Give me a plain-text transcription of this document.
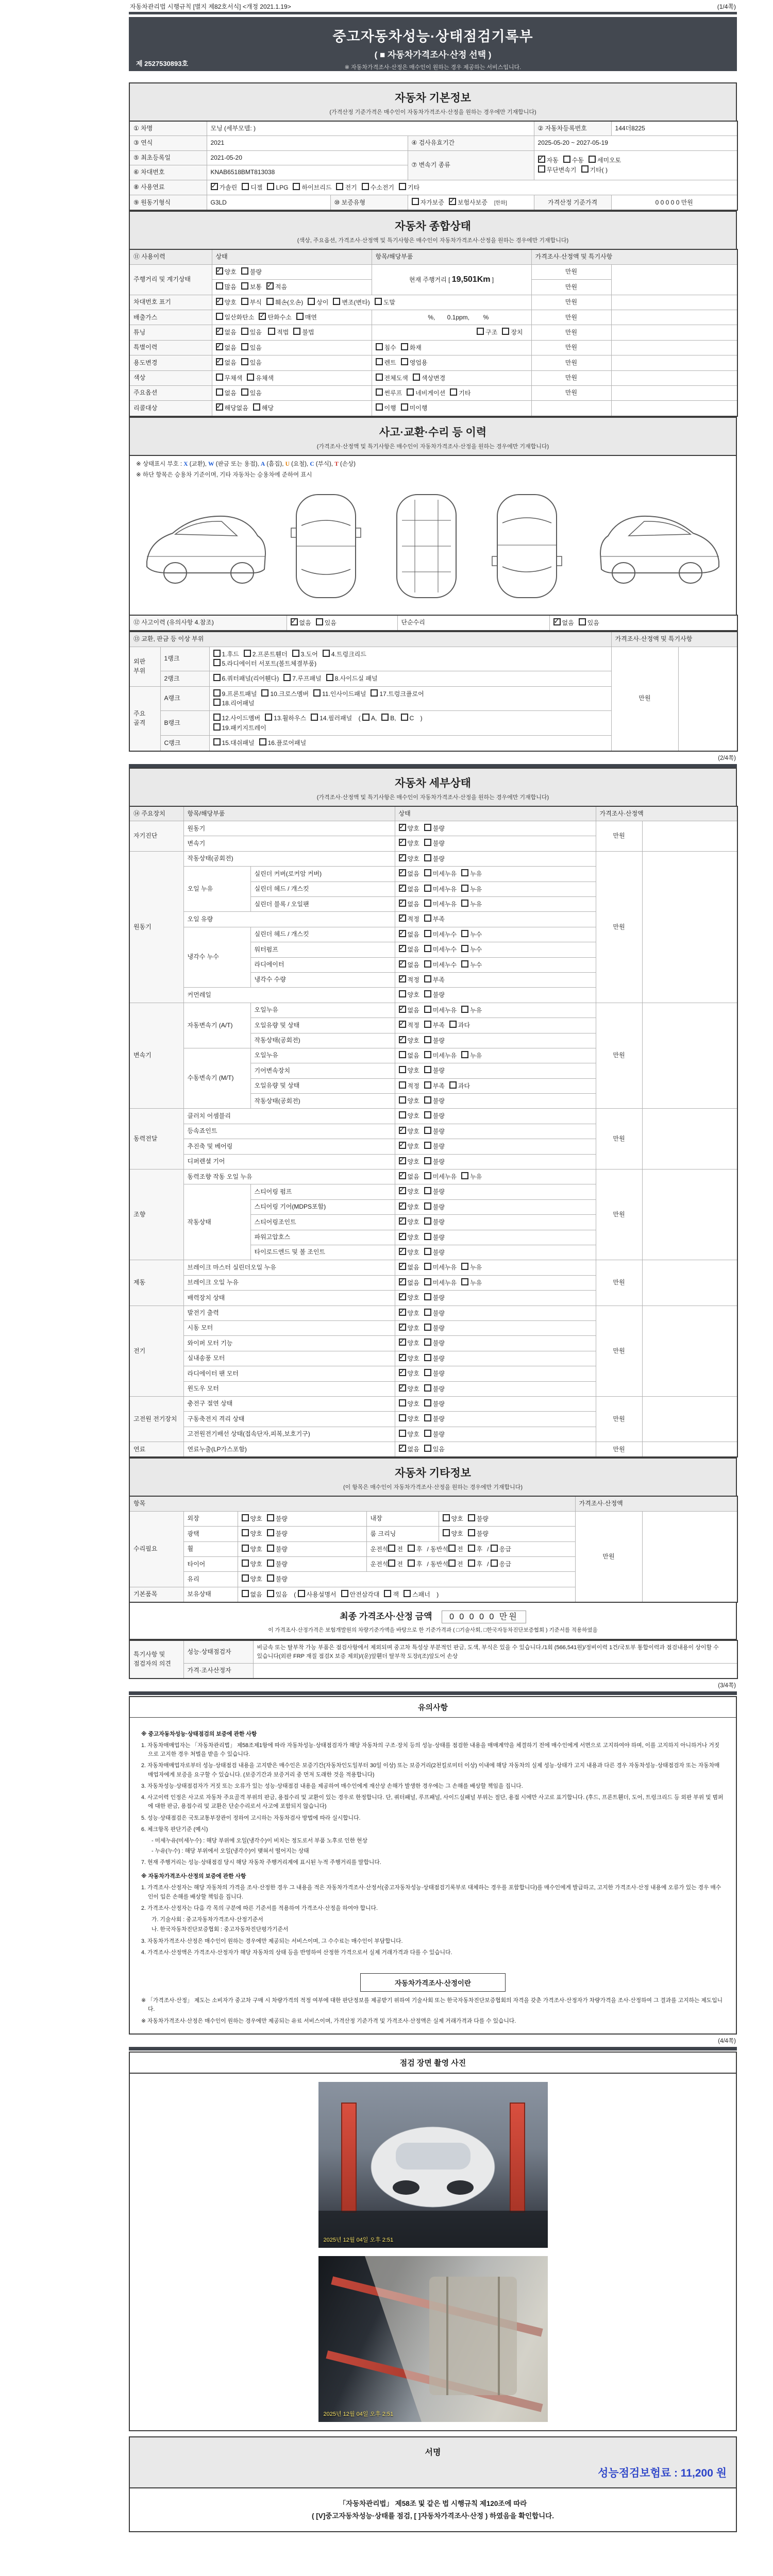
자동차관리법 시행규칙 [별지 제82호서식] <개정 2021.1.19>	(1/4쪽)
중고자동차성능·상태점검기록부
( ■ 자동차가격조사·산정 선택 )
※ 자동차가격조사·산정은 매수인이 원하는 경우 제공하는 서비스입니다.
제 2527530893호
자동차 기본정보
(가격산정 기준가격은 매수인이 자동차가격조사·산정을 원하는 경우에만 기재합니다)
① 차명	모닝 (세부모델: )			② 자동차등록번호	144더8225
③ 연식	2021		④ 검사유효기간	2025-05-20 ~ 2027-05-19	
⑤ 최초등록일	2021-05-20		⑦ 변속기 종류	✓자동 수동 세미오토
무단변속기 기타( )
⑥ 차대번호	KNAB6518BMT813038				
⑧ 사용연료	✓가솔린 디젤 LPG 하이브리드 전기 수소전기 기타
⑨ 원동기형식	G3LD	⑩ 보증유형	자가보증 ✓ 보험사보증 [한화]	가격산정 기준가격	0 0 0 0 0 만원
자동차 종합상태
(색상, 주요옵션, 가격조사·산정액 및 특기사항은 매수인이 자동차가격조사·산정을 원하는 경우에만 기재합니다)
⑪ 사용이력	상태	항목/해당부품	가격조사·산정액 및 특기사항	
주행거리 및 계기상태	✓양호 불량	현재 주행거리 [ 19,501Km ]	만원	
	많음 보통 ✓ 적음		만원	
차대번호 표기	✓양호 부식 훼손(오손) 상이 변조(변타) 도말		만원	
배출가스	일산화탄소 ✓ 탄화수소 매연	%,       0.1ppm,        %	만원	
튜닝	✓없음 있음 적법 불법	구조 장치	만원	
특별이력	✓없음 있음	침수 화재	만원	
용도변경	✓없음 있음	렌트 영업용	만원	
색상	무채색 유채색	전체도색 색상변경	만원	
주요옵션	없음 있음	썬루프 네비게이션 기타	만원	
리콜대상	✓해당없음 해당	이행 미이행		
사고·교환·수리 등 이력
(가격조사·산정액 및 특기사항은 매수인이 자동차가격조사·산정을 원하는 경우에만 기재합니다)
※ 상태표시 부호 : X (교환), W (판금 또는 용접), A (흠집), U (요철), C (부식), T (손상)
※ 하단 항목은 승용차 기준이며, 기타 자동차는 승용차에 준하여 표시
⑫ 사고이력 (유의사항 4.참조)	✓없음 있음	단순수리	✓없음 있음
⑬ 교환, 판금 등 이상 부위			가격조사·산정액 및 특기사항	
외판 부위	1랭크	1.후드 2.프론트휀더 3.도어 4.트렁크리드
5.라디에이터 서포트(볼트체결부품)	만원	
	2랭크	6.쿼터패널(리어휀다) 7.루프패널 8.사이드실 패널		
주요 골격	A랭크	9.프론트패널 10.크로스멤버 11.인사이드패널 17.트렁크플로어
18.리어패널		
	B랭크	12.사이드멤버 13.휠하우스 14.필러패널 ( A, B, C )
19.패키지트레이		
	C랭크	15.대쉬패널 16.플로어패널		
(2/4쪽)
자동차 세부상태
(가격조사·산정액 및 특기사항은 매수인이 자동차가격조사·산정을 원하는 경우에만 기재합니다)
⑭ 주요장치	항목/해당부품		상태	가격조사·산정액	
자기진단	원동기	✓양호 불량	만원	
	변속기	✓양호 불량
원동기	작동상태(공회전)	✓양호 불량	만원	
	오일 누유	실린더 커버(로커암 커버)	✓없음 미세누유 누유
		실린더 헤드 / 개스킷	✓없음 미세누유 누유
		실린더 블록 / 오일팬	✓없음 미세누유 누유
	오일 유량	✓적정 부족
	냉각수 누수	실린더 헤드 / 개스킷	✓없음 미세누수 누수
		워터펌프	✓없음 미세누수 누수
		라디에이터	✓없음 미세누수 누수
		냉각수 수량	✓적정 부족
	커먼레일		양호 불량		
변속기	자동변속기 (A/T)	오일누유	✓없음 미세누유 누유	만원	
		오일유량 및 상태	✓적정 부족 과다
		작동상태(공회전)	✓양호 불량
	수동변속기 (M/T)	오일누유	없음 미세누유 누유		
		기어변속장치	양호 불량		
		오일유량 및 상태	적정 부족 과다		
		작동상태(공회전)	양호 불량		
동력전달	클러치 어셈블리		양호 불량	만원	
	등속죠인트	✓양호 불량
	추진축 및 베어링	✓양호 불량
	디퍼렌셜 기어	✓양호 불량
조향	동력조향 작동 오일 누유	✓없음 미세누유 누유	만원	
	작동상태	스티어링 펌프	✓양호 불량
		스티어링 기어(MDPS포함)	✓양호 불량
		스티어링조인트	✓양호 불량
		파워고압호스	✓양호 불량
		타이로드엔드 및 볼 조인트	✓양호 불량
제동	브레이크 마스터 실린더오일 누유	✓없음 미세누유 누유	만원	
	브레이크 오일 누유	✓없음 미세누유 누유
	배력장치 상태	✓양호 불량
전기	발전기 출력	✓양호 불량	만원	
	시동 모터	✓양호 불량
	와이퍼 모터 기능	✓양호 불량
	실내송풍 모터	✓양호 불량
	라디에이터 팬 모터	✓양호 불량
	윈도우 모터	✓양호 불량
고전원 전기장치	충전구 절연 상태		양호 불량	만원	
	구동축전지 격리 상태		양호 불량		
	고전원전기배선 상태(접속단자,피복,보호기구)		양호 불량		
연료	연료누출(LP가스포함)	✓없음 있음	만원	
자동차 기타정보
(이 항목은 매수인이 자동차가격조사·산정을 원하는 경우에만 기재합니다)
항목					가격조사·산정액	
수리필요	외장	양호 불량	내장	양호 불량	만원	
	광택	양호 불량	룸 크리닝	양호 불량		
	휠	양호 불량	운전석 전 후 / 동반석 전 후 / 응급			
	타이어	양호 불량	운전석 전 후 / 동반석 전 후 / 응급			
	유리	양호 불량				
기본품목	보유상태	없음 있음 ( 사용설명서 안전삼각대 잭 스패너 )				
최종 가격조사·산정 금액 0 0 0 0 0 만원
이 가격조사·산정가격은 보험개발원의 차량기준가액을 바탕으로 한 기준가격과 ( □기술사회, □한국자동차진단보증협회 ) 기준서를 적용하였음
특기사항 및 점검자의 의견	성능·상태점검자	비금속 또는 탈부착 가능 부품은 점검사항에서 제외되며 중고차 특성상 부분적인 판금, 도색, 부식은 있을 수 있습니다./1회 (566,541원)/정비이력 1건/국토부 통합이력과 점검내용이 상이할 수 있습니다(외판 FRP 재질 점검X 보증 제외)/(운)앞휀더 탈부착 도장/(조)앞도어 손상
	가격·조사산정자	
(3/4쪽)
유의사항
※ 중고자동차성능·상태점검의 보증에 관한 사항
1. 자동차매매업자는 「자동차관리법」 제58조제1항에 따라 자동차성능·상태점검자가 해당 자동차의 구조·장치 등의 성능·상태를 점검한 내용을 매매계약을 체결하기 전에 매수인에게 서면으로 고지하여야 하며, 이를 고지하지 아니하거나 거짓으로 고지한 경우 처벌을 받을 수 있습니다.
2. 자동차매매업자로부터 성능·상태점검 내용을 고지받은 매수인은 보증기간(자동차인도일부터 30일 이상) 또는 보증거리(2천킬로미터 이상) 이내에 해당 자동차의 실제 성능·상태가 고지 내용과 다른 경우 자동차성능·상태점검자 또는 자동차매매업자에게 보증을 요구할 수 있습니다. (보증기간과 보증거리 중 먼저 도래한 것을 적용합니다)
3. 자동차성능·상태점검자가 거짓 또는 오류가 있는 성능·상태점검 내용을 제공하여 매수인에게 재산상 손해가 발생한 경우에는 그 손해를 배상할 책임을 집니다.
4. 사고이력 인정은 사고로 자동차 주요골격 부위의 판금, 용접수리 및 교환이 있는 경우로 한정합니다. 단, 쿼터패널, 루프패널, 사이드실패널 부위는 절단, 용접 시에만 사고로 표기합니다. (후드, 프론트휀더, 도어, 트렁크리드 등 외판 부위 및 범퍼에 대한 판금, 용접수리 및 교환은 단순수리로서 사고에 포함되지 않습니다)
5. 성능·상태점검은 국토교통부장관이 정하여 고시하는 자동차검사 방법에 따라 실시합니다.
6. 체크항목 판단기준 (예시)
- 미세누유(미세누수) : 해당 부위에 오일(냉각수)이 비치는 정도로서 부품 노후로 인한 현상
- 누유(누수) : 해당 부위에서 오일(냉각수)이 맺혀서 떨어지는 상태
7. 현재 주행거리는 성능·상태점검 당시 해당 자동차 주행거리계에 표시된 누적 주행거리를 말합니다.
※ 자동차가격조사·산정의 보증에 관한 사항
1. 가격조사·산정자는 해당 자동차의 가격을 조사·산정한 경우 그 내용을 적은 자동차가격조사·산정서(중고자동차성능·상태점검기록부로 대체하는 경우를 포함합니다)를 매수인에게 발급하고, 고지한 가격조사·산정 내용에 오류가 있는 경우 매수인이 입은 손해를 배상할 책임을 집니다.
2. 가격조사·산정자는 다음 각 목의 구분에 따른 기준서를 적용하여 가격조사·산정을 하여야 합니다.
가. 기술사회 : 중고자동차가격조사·산정기준서
나. 한국자동차진단보증협회 : 중고자동차진단평가기준서
3. 자동차가격조사·산정은 매수인이 원하는 경우에만 제공되는 서비스이며, 그 수수료는 매수인이 부담합니다.
4. 가격조사·산정액은 가격조사·산정자가 해당 자동차의 상태 등을 반영하여 산정한 가격으로서 실제 거래가격과 다를 수 있습니다.
자동차가격조사·산정이란
※ 「가격조사·산정」 제도는 소비자가 중고차 구매 시 차량가격의 적정 여부에 대한 판단정보를 제공받기 위하여 기술사회 또는 한국자동차진단보증협회의 자격을 갖춘 가격조사·산정자가 차량가격을 조사·산정하여 그 결과를 고지하는 제도입니다.
※ 자동차가격조사·산정은 매수인이 원하는 경우에만 제공되는 유료 서비스이며, 가격산정 기준가격 및 가격조사·산정액은 실제 거래가격과 다를 수 있습니다.
(4/4쪽)
점검 장면 촬영 사진
2025년 12월 04일 오후 2:51
2025년 12월 04일 오후 2:51
서명
성능점검보험료 : 11,200 원
「자동차관리법」 제58조 및 같은 법 시행규칙 제120조에 따라
( [V]중고자동차성능·상태를 점검, [ ]자동차가격조사·산정 ) 하였음을 확인합니다.
